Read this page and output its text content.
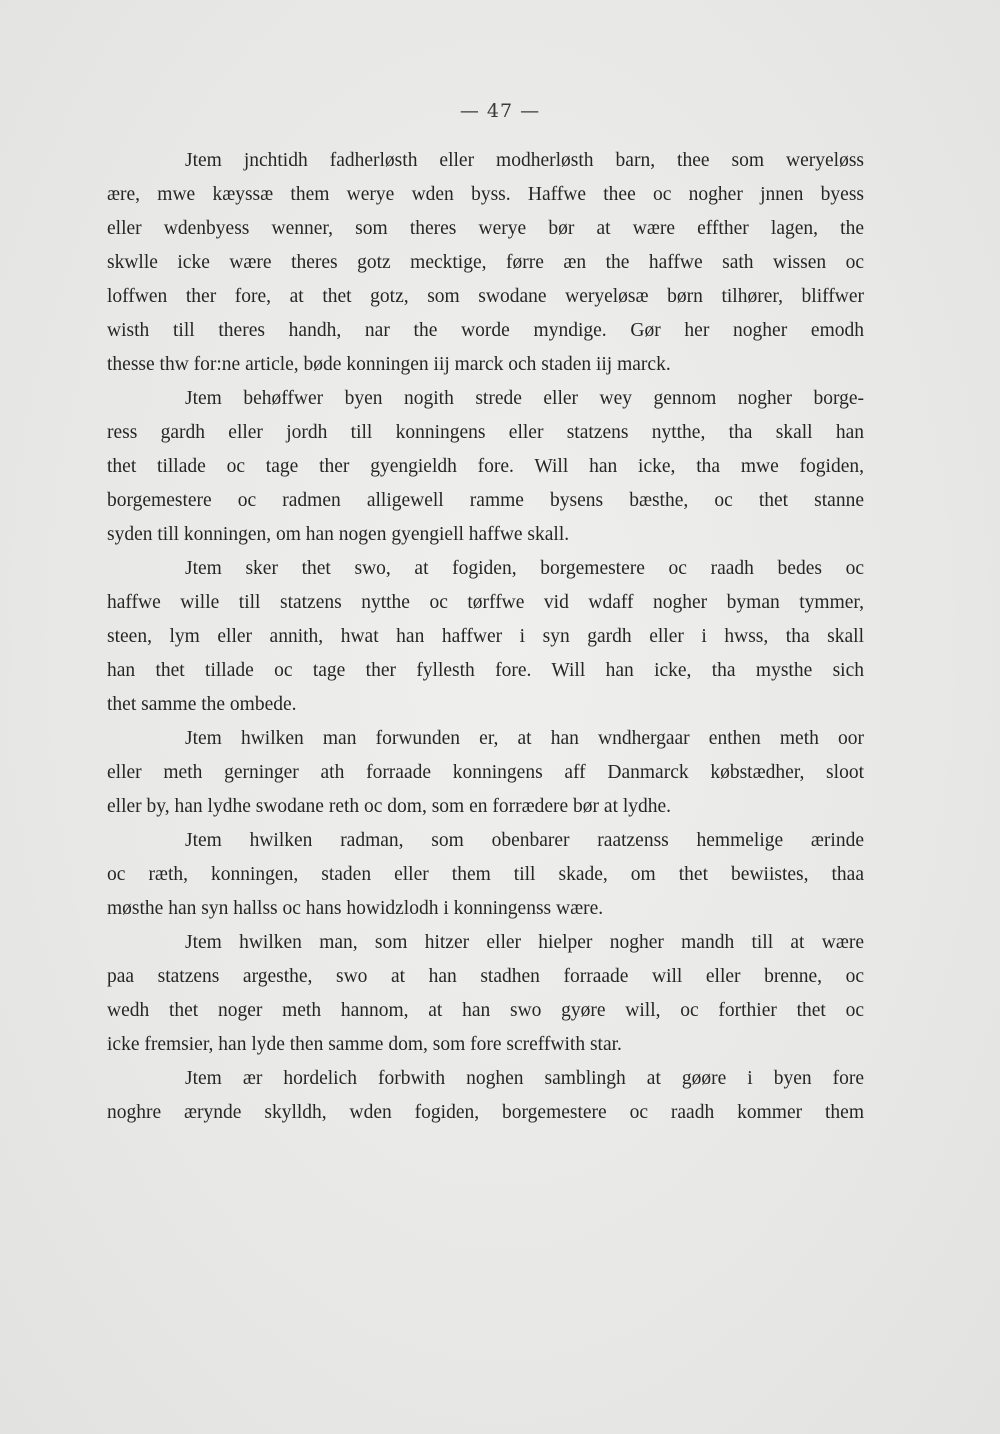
— 47 —
Jtem jnchtidh fadherløsth eller modherløsth barn, thee som weryeløss
ære, mwe kæyssæ them werye wden byss. Haffwe thee oc nogher jnnen byess
eller wdenbyess wenner, som theres werye bør at wære effther lagen, the
skwlle icke wære theres gotz mecktige, førre æn the haffwe sath wissen oc
loffwen ther fore, at thet gotz, som swodane weryeløsæ børn tilhører, bliffwer
wisth till theres handh, nar the worde myndige. Gør her nogher emodh
thesse thw for:ne article, bøde konningen iij marck och staden iij marck.
Jtem behøffwer byen nogith strede eller wey gennom nogher borge-
ress gardh eller jordh till konningens eller statzens nytthe, tha skall han
thet tillade oc tage ther gyengieldh fore. Will han icke, tha mwe fogiden,
borgemestere oc radmen alligewell ramme bysens bæsthe, oc thet stanne
syden till konningen, om han nogen gyengiell haffwe skall.
Jtem sker thet swo, at fogiden, borgemestere oc raadh bedes oc
haffwe wille till statzens nytthe oc tørffwe vid wdaff nogher byman tymmer,
steen, lym eller annith, hwat han haffwer i syn gardh eller i hwss, tha skall
han thet tillade oc tage ther fyllesth fore. Will han icke, tha mysthe sich
thet samme the ombede.
Jtem hwilken man forwunden er, at han wndhergaar enthen meth oor
eller meth gerninger ath forraade konningens aff Danmarck købstædher, sloot
eller by, han lydhe swodane reth oc dom, som en forrædere bør at lydhe.
Jtem hwilken radman, som obenbarer raatzenss hemmelige ærinde
oc ræth, konningen, staden eller them till skade, om thet bewiistes, thaa
møsthe han syn hallss oc hans howidzlodh i konningenss wære.
Jtem hwilken man, som hitzer eller hielper nogher mandh till at wære
paa statzens argesthe, swo at han stadhen forraade will eller brenne, oc
wedh thet noger meth hannom, at han swo gyøre will, oc forthier thet oc
icke fremsier, han lyde then samme dom, som fore screffwith star.
Jtem ær hordelich forbwith noghen samblingh at gøøre i byen fore
noghre ærynde skylldh, wden fogiden, borgemestere oc raadh kommer them
